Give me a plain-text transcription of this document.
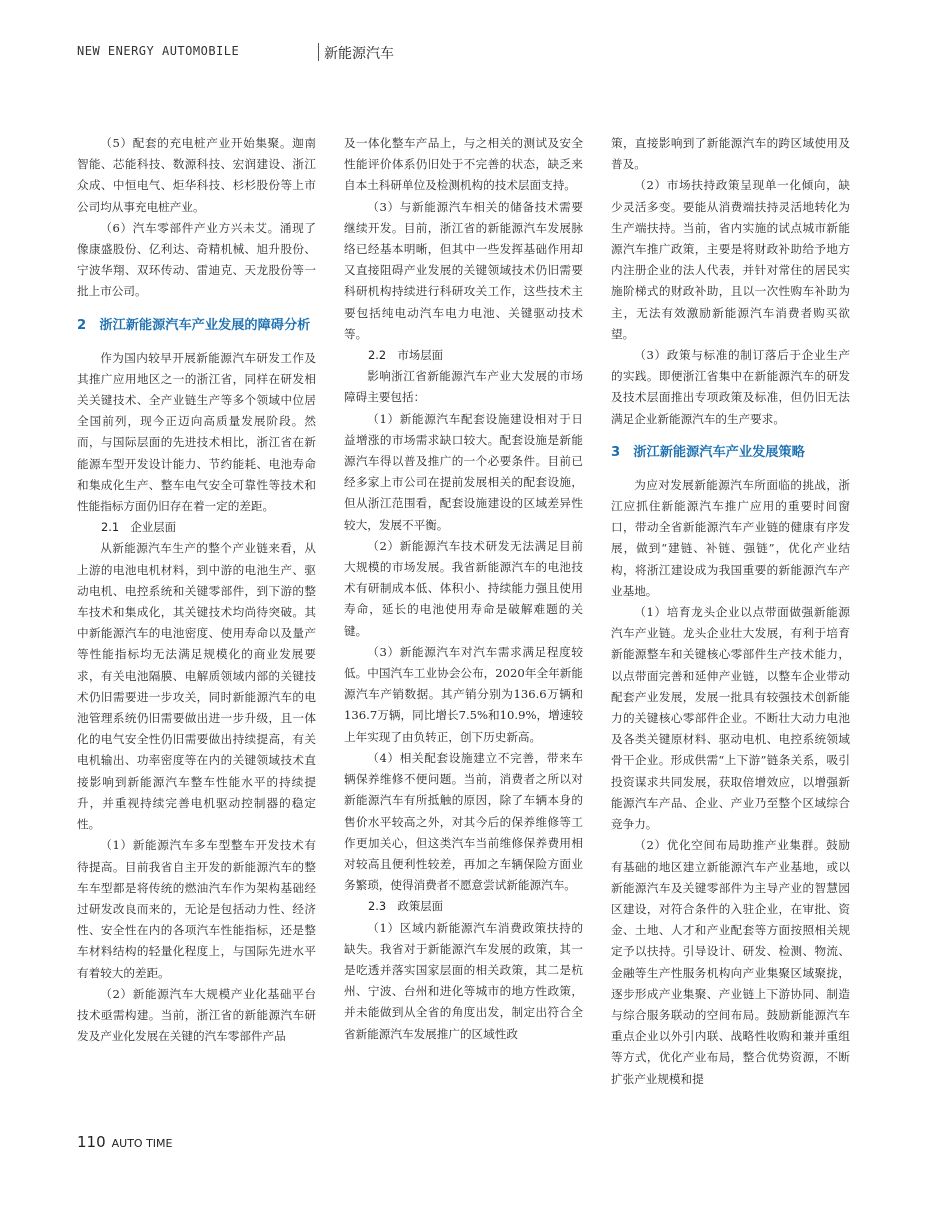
NEW ENERGY AUTOMOBILE	新能源汽车

（5）配套的充电桩产业开始集聚。迦南智能、芯能科技、数源科技、宏润建设、浙江众成、中恒电气、炬华科技、杉杉股份等上市公司均从事充电桩产业。

（6）汽车零部件产业方兴未艾。涌现了像康盛股份、亿利达、奇精机械、旭升股份、宁波华翔、双环传动、雷迪克、天龙股份等一批上市公司。

2　浙江新能源汽车产业发展的障碍分析

作为国内较早开展新能源汽车研发工作及其推广应用地区之一的浙江省，同样在研发相关关键技术、全产业链生产等多个领域中位居全国前列，现今正迈向高质量发展阶段。然而，与国际层面的先进技术相比，浙江省在新能源车型开发设计能力、节约能耗、电池寿命和集成化生产、整车电气安全可靠性等技术和性能指标方面仍旧存在着一定的差距。

2.1　企业层面

从新能源汽车生产的整个产业链来看，从上游的电池电机材料，到中游的电池生产、驱动电机、电控系统和关键零部件，到下游的整车技术和集成化，其关键技术均尚待突破。其中新能源汽车的电池密度、使用寿命以及量产等性能指标均无法满足规模化的商业发展要求，有关电池隔膜、电解质领域内部的关键技术仍旧需要进一步攻关，同时新能源汽车的电池管理系统仍旧需要做出进一步升级，且一体化的电气安全性仍旧需要做出持续提高，有关电机输出、功率密度等在内的关键领域技术直接影响到新能源汽车整车性能水平的持续提升，并重视持续完善电机驱动控制器的稳定性。

（1）新能源汽车多车型整车开发技术有待提高。目前我省自主开发的新能源汽车的整车车型都是将传统的燃油汽车作为架构基础经过研发改良而来的，无论是包括动力性、经济性、安全性在内的各项汽车性能指标，还是整车材料结构的轻量化程度上，与国际先进水平有着较大的差距。

（2）新能源汽车大规模产业化基础平台技术亟需构建。当前，浙江省的新能源汽车研发及产业化发展在关键的汽车零部件产品

及一体化整车产品上，与之相关的测试及安全性能评价体系仍旧处于不完善的状态，缺乏来自本土科研单位及检测机构的技术层面支持。

（3）与新能源汽车相关的储备技术需要继续开发。目前，浙江省的新能源汽车发展脉络已经基本明晰，但其中一些发挥基础作用却又直接阻碍产业发展的关键领域技术仍旧需要科研机构持续进行科研攻关工作，这些技术主要包括纯电动汽车电力电池、关键驱动技术等。

2.2　市场层面

影响浙江省新能源汽车产业大发展的市场障碍主要包括：

（1）新能源汽车配套设施建设相对于日益增涨的市场需求缺口较大。配套设施是新能源汽车得以普及推广的一个必要条件。目前已经多家上市公司在提前发展相关的配套设施，但从浙江范围看，配套设施建设的区域差异性较大，发展不平衡。

（2）新能源汽车技术研发无法满足目前大规模的市场发展。我省新能源汽车的电池技术有研制成本低、体积小、持续能力强且使用寿命，延长的电池使用寿命是破解难题的关键。

（3）新能源汽车对汽车需求满足程度较低。中国汽车工业协会公布，2020年全年新能源汽车产销数据。其产销分别为136.6万辆和136.7万辆，同比增长7.5%和10.9%，增速较上年实现了由负转正，创下历史新高。

（4）相关配套设施建立不完善，带来车辆保养维修不便问题。当前，消费者之所以对新能源汽车有所抵触的原因，除了车辆本身的售价水平较高之外，对其今后的保养维修等工作更加关心，但这类汽车当前维修保养费用相对较高且便利性较差，再加之车辆保险方面业务繁琐，使得消费者不愿意尝试新能源汽车。

2.3　政策层面

（1）区域内新能源汽车消费政策扶持的缺失。我省对于新能源汽车发展的政策，其一是吃透并落实国家层面的相关政策，其二是杭州、宁波、台州和进化等城市的地方性政策，并未能做到从全省的角度出发，制定出符合全省新能源汽车发展推广的区域性政

策，直接影响到了新能源汽车的跨区域使用及普及。

（2）市场扶持政策呈现单一化倾向，缺少灵活多变。要能从消费端扶持灵活地转化为生产端扶持。当前，省内实施的试点城市新能源汽车推广政策，主要是将财政补助给予地方内注册企业的法人代表，并针对常住的居民实施阶梯式的财政补助，且以一次性购车补助为主，无法有效激励新能源汽车消费者购买欲望。

（3）政策与标准的制订落后于企业生产的实践。即便浙江省集中在新能源汽车的研发及技术层面推出专项政策及标准，但仍旧无法满足企业新能源汽车的生产要求。

3　浙江新能源汽车产业发展策略

为应对发展新能源汽车所面临的挑战，浙江应抓住新能源汽车推广应用的重要时间窗口，带动全省新能源汽车产业链的健康有序发展，做到“建链、补链、强链”，优化产业结构，将浙江建设成为我国重要的新能源汽车产业基地。

（1）培育龙头企业以点带面做强新能源汽车产业链。龙头企业壮大发展，有利于培育新能源整车和关键核心零部件生产技术能力，以点带面完善和延伸产业链，以整车企业带动配套产业发展，发展一批具有较强技术创新能力的关键核心零部件企业。不断壮大动力电池及各类关键原材料、驱动电机、电控系统领域骨干企业。形成供需“上下游”链条关系，吸引投资谋求共同发展，获取倍增效应，以增强新能源汽车产品、企业、产业乃至整个区域综合竞争力。

（2）优化空间布局助推产业集群。鼓励有基础的地区建立新能源汽车产业基地，或以新能源汽车及关键零部件为主导产业的智慧园区建设，对符合条件的入驻企业，在审批、资金、土地、人才和产业配套等方面按照相关规定予以扶持。引导设计、研发、检测、物流、金融等生产性服务机构向产业集聚区域聚拢，逐步形成产业集聚、产业链上下游协同、制造与综合服务联动的空间布局。鼓励新能源汽车重点企业以外引内联、战略性收购和兼并重组等方式，优化产业布局，整合优势资源，不断扩张产业规模和提

110 AUTO TIME
